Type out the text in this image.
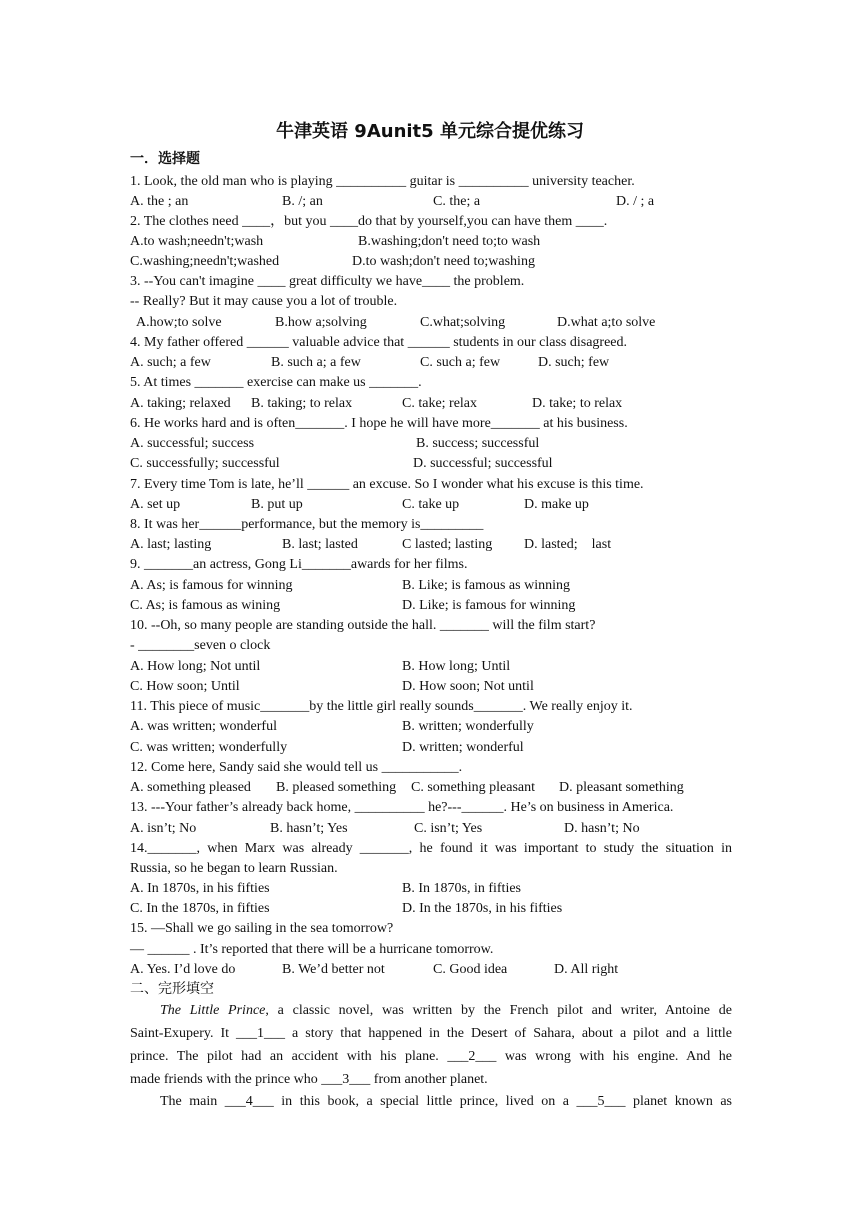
牛津英语 9Aunit5 单元综合提优练习
一．选择题
1. Look, the old man who is playing __________ guitar is __________ university teacher.
A. the ; an	B. /; an	C. the; a	D. / ; a
2. The clothes need ____，but you ____do that by yourself,you can have them ____.
A.to wash;needn't;wash	B.washing;don't need to;to wash
C.washing;needn't;washed	D.to wash;don't need to;washing
3. --You can't imagine ____ great difficulty we have____ the problem.
-- Really? But it may cause you a lot of trouble.
A.how;to solve	B.how a;solving	C.what;solving	D.what a;to solve
4. My father offered ______ valuable advice that ______ students in our class disagreed.
A. such; a few	B. such a; a few	C. such a; few	D. such; few
5. At times _______ exercise can make us _______.
A. taking; relaxed B. taking; to relax	C. take; relax	D. take; to relax
6. He works hard and is often_______. I hope he will have more_______ at his business.
A. successful; success	B. success; successful
C. successfully; successful	D. successful; successful
7. Every time Tom is late, he’ll ______ an excuse. So I wonder what his excuse is this time.
A. set up	B. put up	C. take up	D. make up
8. It was her______performance, but the memory is_________
A. last; lasting	B. last; lasted	C lasted; lasting D. lasted;    last
9. _______an actress, Gong Li_______awards for her films.
A. As; is famous for winning	B. Like; is famous as winning
C. As; is famous as wining	D. Like; is famous for winning
10. --Oh, so many people are standing outside the hall. _______ will the film start?
- ________seven o clock
A. How long; Not until	B. How long; Until
C. How soon; Until	D. How soon; Not until
11. This piece of music_______by the little girl really sounds_______. We really enjoy it.
A. was written; wonderful	B. written; wonderfully
C. was written; wonderfully	D. written; wonderful
12. Come here, Sandy said she would tell us ___________.
A. something pleased B. pleased something C. something pleasant D. pleasant something
13. ---Your father’s already back home, __________ he?---______. He’s on business in America.
A. isn’t; No	B. hasn’t; Yes	C. isn’t; Yes	D. hasn’t; No
14._______, when Marx was already _______, he found it was important to study the situation in
Russia, so he began to learn Russian.
A. In 1870s, in his fifties	B. In 1870s, in fifties
C. In the 1870s, in fifties	D. In the 1870s, in his fifties
15. —Shall we go sailing in the sea tomorrow?
— ______ . It’s reported that there will be a hurricane tomorrow.
A. Yes. I’d love do	B. We’d better not	C. Good idea	D. All right
二、完形填空
The Little Prince, a classic novel, was written by the French pilot and writer, Antoine de
Saint-Exupery. It ___1___ a story that happened in the Desert of Sahara, about a pilot and a little
prince. The pilot had an accident with his plane. ___2___ was wrong with his engine. And he
made friends with the prince who ___3___ from another planet.
The main ___4___ in this book, a special little prince, lived on a ___5___ planet known as
